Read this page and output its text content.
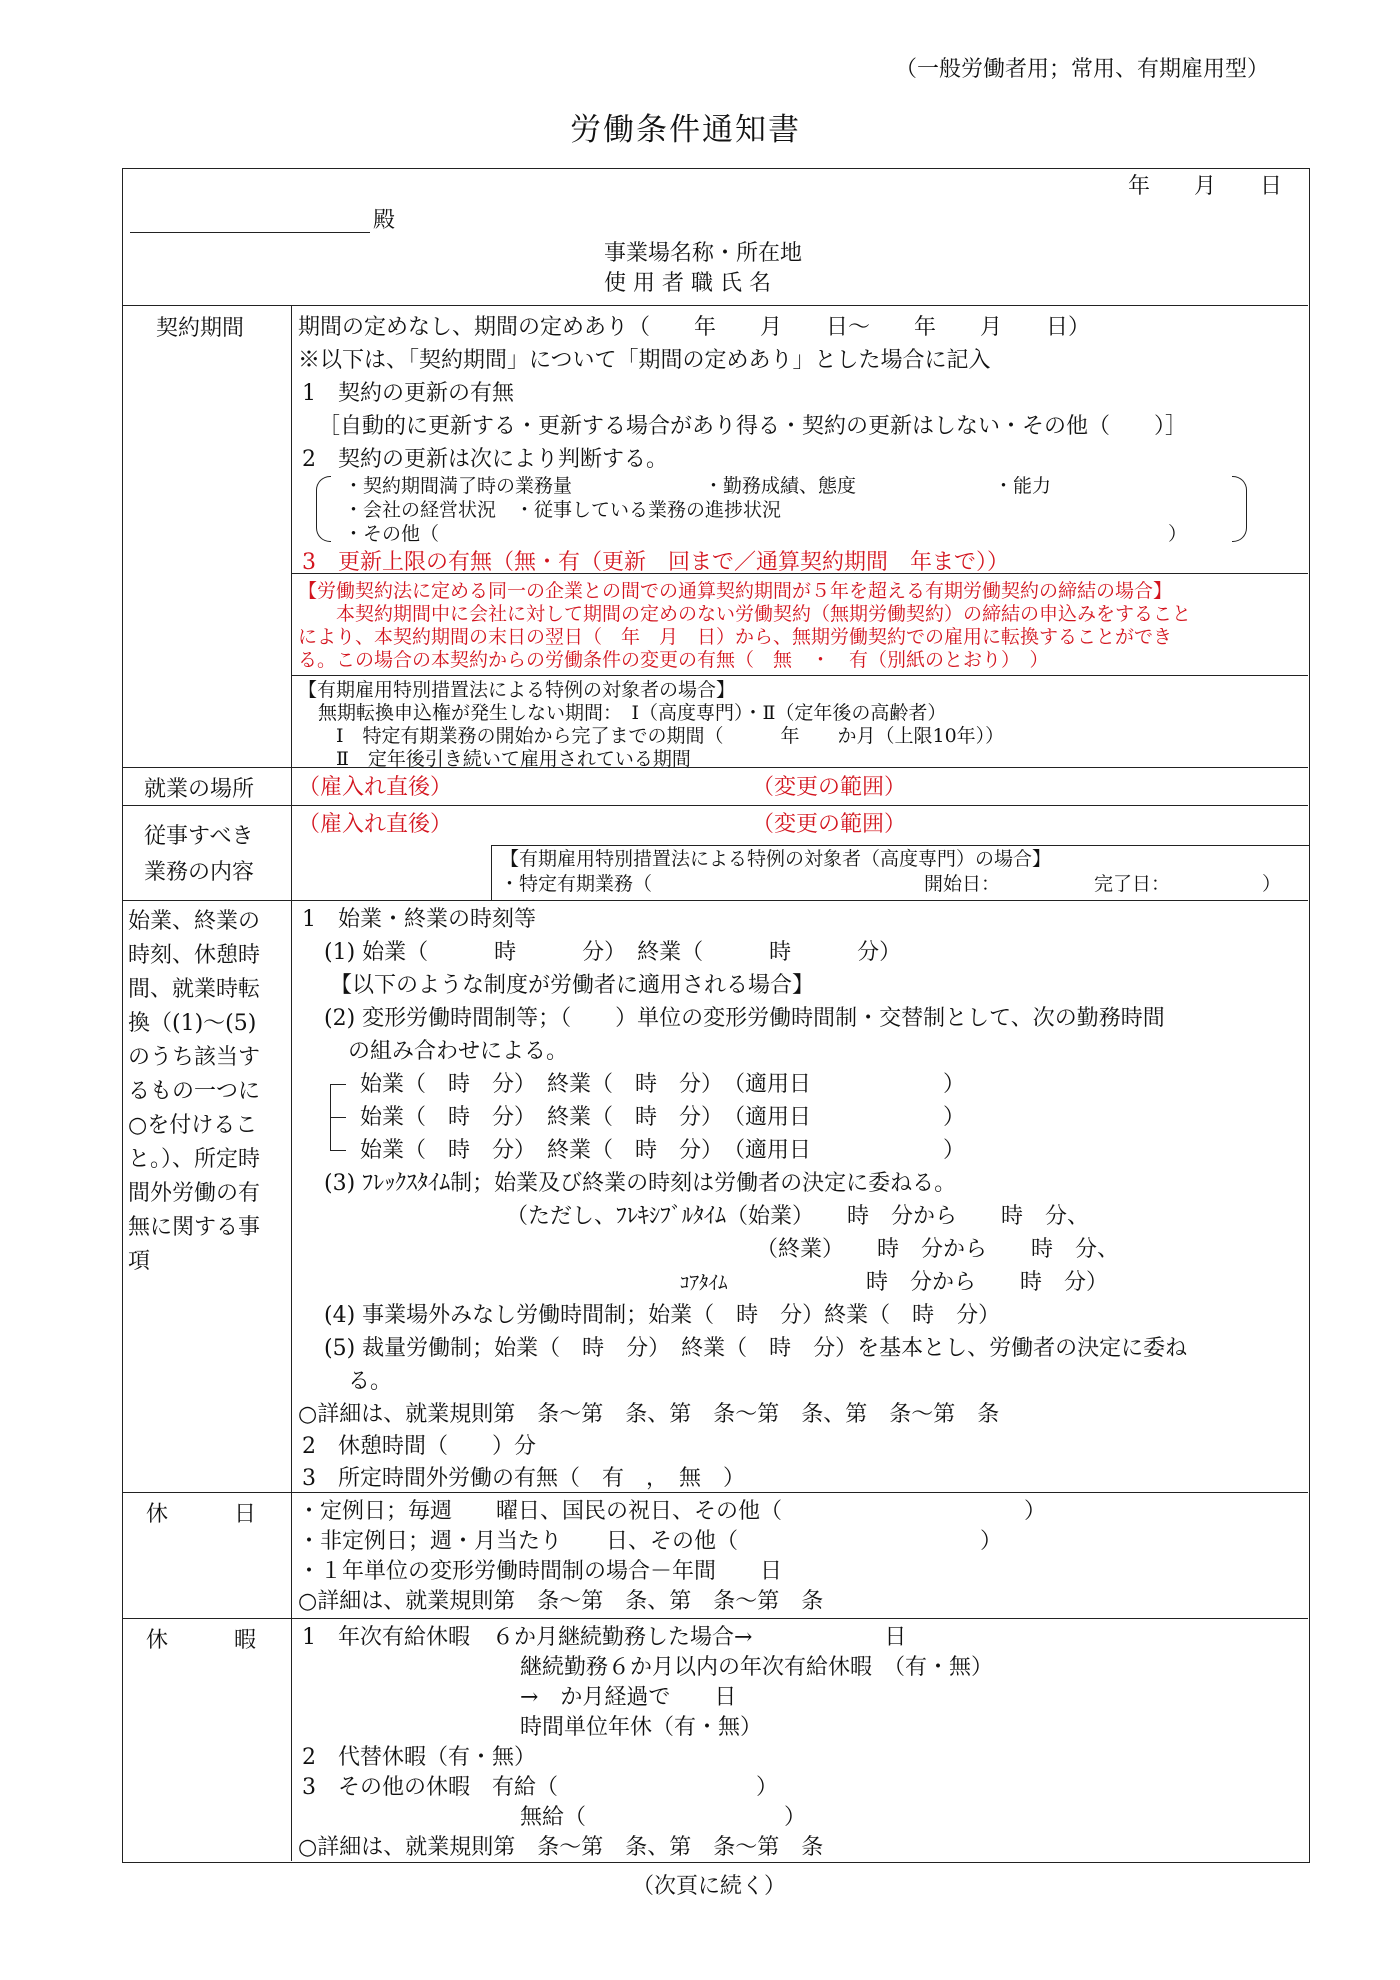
（一般労働者用；常用、有期雇用型）
労働条件通知書
年　　月　　日
殿
事業場名称・所在地
使 用 者 職 氏 名
契約期間 期間の定めなし、期間の定めあり（　　年　　月　　日～　　年　　月　　日）
※以下は、「契約期間」について「期間の定めあり」とした場合に記入
1　契約の更新の有無
［自動的に更新する・更新する場合があり得る・契約の更新はしない・その他（　　）］
2　契約の更新は次により判断する。
・契約期間満了時の業務量	・勤務成績、態度	・能力
・会社の経営状況　・従事している業務の進捗状況
・その他（	）
3　更新上限の有無（無・有（更新　回まで／通算契約期間　年まで））
【労働契約法に定める同一の企業との間での通算契約期間が５年を超える有期労働契約の締結の場合】
本契約期間中に会社に対して期間の定めのない労働契約（無期労働契約）の締結の申込みをすること
により、本契約期間の末日の翌日（　年　月　日）から、無期労働契約での雇用に転換することができ
る。この場合の本契約からの労働条件の変更の有無（　無　・　有（別紙のとおり）　）
【有期雇用特別措置法による特例の対象者の場合】
無期転換申込権が発生しない期間：　Ⅰ（高度専門）・Ⅱ（定年後の高齢者）
Ⅰ　特定有期業務の開始から完了までの期間（　　　年　　か月（上限10年））
Ⅱ　定年後引き続いて雇用されている期間
就業の場所 （雇入れ直後）	（変更の範囲）
従事すべき
業務の内容
（雇入れ直後）	（変更の範囲）
【有期雇用特別措置法による特例の対象者（高度専門）の場合】
・特定有期業務（	開始日：	完了日：	）
始業、終業の
時刻、休憩時
間、就業時転
換（(1)～(5)
のうち該当す
るもの一つに
○を付けるこ
と。）、所定時
間外労働の有
無に関する事
項
1　始業・終業の時刻等
(1) 始業（　　　時　　　分）　終業（　　　時　　　分）
【以下のような制度が労働者に適用される場合】
(2) 変形労働時間制等；（　　）単位の変形労働時間制・交替制として、次の勤務時間
の組み合わせによる。
始業（　時　分）　終業（　時　分）　（適用日　　　　　　）
始業（　時　分）　終業（　時　分）　（適用日　　　　　　）
始業（　時　分）　終業（　時　分）　（適用日　　　　　　）
(3) ﾌﾚｯｸｽﾀｲﾑ制；始業及び終業の時刻は労働者の決定に委ねる。
（ただし、ﾌﾚｷｼﾌﾞﾙﾀｲﾑ（始業）　　時　分から　　時　分、
（終業）　　時　分から　　時　分、
ｺｱﾀｲﾑ	時　分から　　時　分）
(4) 事業場外みなし労働時間制；始業（　時　分）終業（　時　分）
(5) 裁量労働制；始業（　時　分）　終業（　時　分）を基本とし、労働者の決定に委ね
る。
○詳細は、就業規則第　条～第　条、第　条～第　条、第　条～第　条
2　休憩時間（　　）分
3　所定時間外労働の有無（　有　，　無　）
休　　　日 ・定例日；毎週　　曜日、国民の祝日、その他（　　　　　　　　　　　）
・非定例日；週・月当たり　　日、その他（　　　　　　　　　　　）
・１年単位の変形労働時間制の場合－年間　　日
○詳細は、就業規則第　条～第　条、第　条～第　条
休　　　暇 1　年次有給休暇　６か月継続勤務した場合→　　　　　　日
継続勤務６か月以内の年次有給休暇　（有・無）
→　か月経過で　　日
時間単位年休（有・無）
2　代替休暇（有・無）
3　その他の休暇　有給（　　　　　　　　　）
無給（　　　　　　　　　）
○詳細は、就業規則第　条～第　条、第　条～第　条
（次頁に続く）
